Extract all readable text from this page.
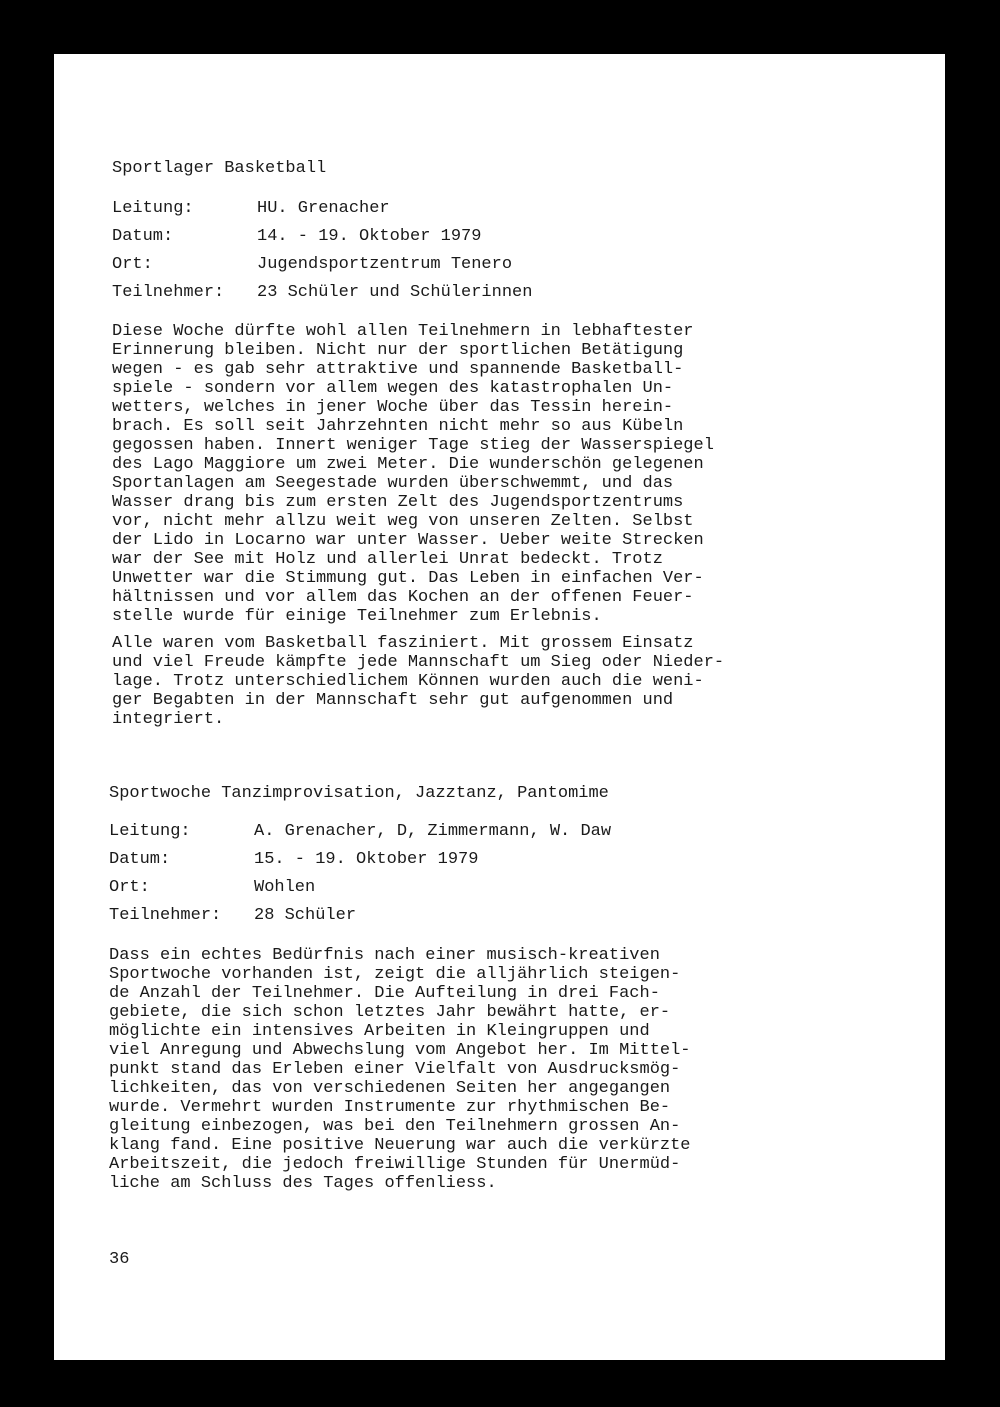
Sportlager Basketball

Leitung:	HU. Grenacher
Datum:	14. - 19. Oktober 1979
Ort:	Jugendsportzentrum Tenero
Teilnehmer:	23 Schüler und Schülerinnen
Diese Woche dürfte wohl allen Teilnehmern in lebhaftester
Erinnerung bleiben. Nicht nur der sportlichen Betätigung
wegen - es gab sehr attraktive und spannende Basketball-
spiele - sondern vor allem wegen des katastrophalen Un-
wetters, welches in jener Woche über das Tessin herein-
brach. Es soll seit Jahrzehnten nicht mehr so aus Kübeln
gegossen haben. Innert weniger Tage stieg der Wasserspiegel
des Lago Maggiore um zwei Meter. Die wunderschön gelegenen
Sportanlagen am Seegestade wurden überschwemmt, und das
Wasser drang bis zum ersten Zelt des Jugendsportzentrums
vor, nicht mehr allzu weit weg von unseren Zelten. Selbst
der Lido in Locarno war unter Wasser. Ueber weite Strecken
war der See mit Holz und allerlei Unrat bedeckt. Trotz
Unwetter war die Stimmung gut. Das Leben in einfachen Ver-
hältnissen und vor allem das Kochen an der offenen Feuer-
stelle wurde für einige Teilnehmer zum Erlebnis.
Alle waren vom Basketball fasziniert. Mit grossem Einsatz
und viel Freude kämpfte jede Mannschaft um Sieg oder Nieder-
lage. Trotz unterschiedlichem Können wurden auch die weni-
ger Begabten in der Mannschaft sehr gut aufgenommen und
integriert.

Sportwoche Tanzimprovisation, Jazztanz, Pantomime

Leitung:	A. Grenacher, D, Zimmermann, W. Daw
Datum:	15. - 19. Oktober 1979
Ort:	Wohlen
Teilnehmer:	28 Schüler
Dass ein echtes Bedürfnis nach einer musisch-kreativen
Sportwoche vorhanden ist, zeigt die alljährlich steigen-
de Anzahl der Teilnehmer. Die Aufteilung in drei Fach-
gebiete, die sich schon letztes Jahr bewährt hatte, er-
möglichte ein intensives Arbeiten in Kleingruppen und
viel Anregung und Abwechslung vom Angebot her. Im Mittel-
punkt stand das Erleben einer Vielfalt von Ausdrucksmög-
lichkeiten, das von verschiedenen Seiten her angegangen
wurde. Vermehrt wurden Instrumente zur rhythmischen Be-
gleitung einbezogen, was bei den Teilnehmern grossen An-
klang fand. Eine positive Neuerung war auch die verkürzte
Arbeitszeit, die jedoch freiwillige Stunden für Unermüd-
liche am Schluss des Tages offenliess.
36
